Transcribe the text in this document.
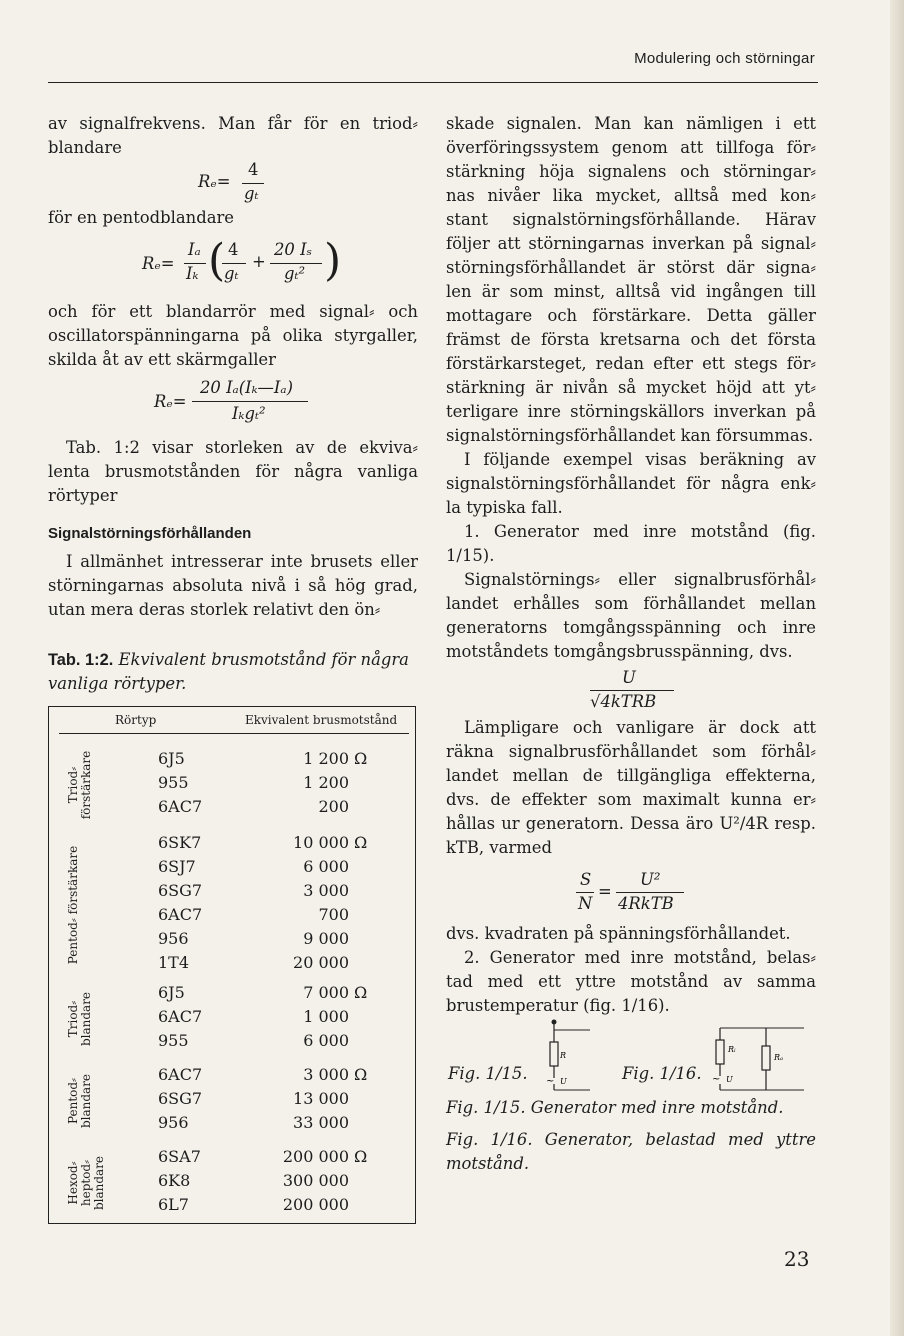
Modulering och störningar

av signalfrekvens. Man får för en triod⸗ blandare

Rₑ=
4
gₜ

för en pentodblandare

Rₑ=
Iₐ
Iₖ ( 4
gₜ
+
20 Iₛ
gₜ² )

och för ett blandarrör med signal⸗ och oscillatorspänningarna på olika styrgaller, skilda åt av ett skärmgaller

Rₑ=
20 Iₐ(Iₖ—Iₐ)
Iₖgₜ²

Tab. 1:2 visar storleken av de ekviva⸗ lenta brusmotstånden för några vanliga rörtyper

Signalstörningsförhållanden

I allmänhet intresserar inte brusets eller störningarnas absoluta nivå i så hög grad, utan mera deras storlek relativt den ön⸗

Tab. 1:2. Ekvivalent brusmotstånd för några vanliga rörtyper.
Rörtyp	Ekvivalent brusmotstånd
Triod⸗ förstärkare	6J5	1 200 Ω
955	1 200
6AC7	200
Pentod⸗ förstärkare
6SK7	10 000 Ω
6SJ7	6 000
6SG7	3 000
6AC7	700
956	9 000
1T4	20 000
Triod⸗ blandare	6J5	7 000 Ω
6AC7	1 000
955	6 000
Pentod⸗ blandare	6AC7	3 000 Ω
6SG7	13 000
956	33 000
Hexod⸗ heptod⸗ blandare	6SA7	200 000 Ω
6K8	300 000
6L7	200 000

skade signalen. Man kan nämligen i ett överföringssystem genom att tillfoga för⸗ stärkning höja signalens och störningar⸗ nas nivåer lika mycket, alltså med kon⸗ stant signalstörningsförhållande. Härav följer att störningarnas inverkan på signal⸗ störningsförhållandet är störst där signa⸗ len är som minst, alltså vid ingången till mottagare och förstärkare. Detta gäller främst de första kretsarna och det första förstärkarsteget, redan efter ett stegs för⸗ stärkning är nivån så mycket höjd att yt⸗ terligare inre störningskällors inverkan på signalstörningsförhållandet kan försummas.

I följande exempel visas beräkning av signalstörningsförhållandet för några enk⸗ la typiska fall.

1. Generator med inre motstånd (fig. 1/15).

Signalstörnings⸗ eller signalbrusförhål⸗ landet erhålles som förhållandet mellan generatorns tomgångsspänning och inre motståndets tomgångsbrusspänning, dvs.

U
√4kTRB

Lämpligare och vanligare är dock att räkna signalbrusförhållandet som förhål⸗ landet mellan de tillgängliga effekterna, dvs. de effekter som maximalt kunna er⸗ hållas ur generatorn. Dessa äro U²/4R resp. kTB, varmed

S
N
=
U²
4RkTB

dvs. kvadraten på spänningsförhållandet.

2. Generator med inre motstånd, belas⸗ tad med ett yttre motstånd av samma brustemperatur (fig. 1/16).

Fig. 1/15.
R
~ U	Fig. 1/16.
Rᵢ
Rₐ
~ U

Fig. 1/15. Generator med inre motstånd.

Fig. 1/16. Generator, belastad med yttre motstånd.

23
